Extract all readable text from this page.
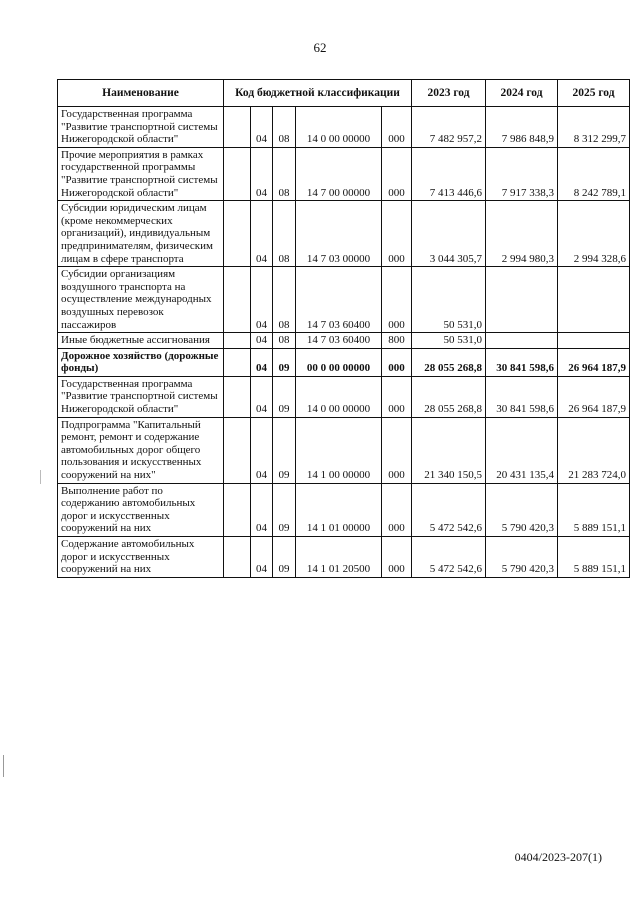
62
Наименование	Код бюджетной классификации					2023 год	2024 год	2025 год
Государственная программа "Развитие транспортной системы Нижегородской области"		04	08	14 0 00 00000	000	7 482 957,2	7 986 848,9	8 312 299,7
Прочие мероприятия в рамках государственной программы "Развитие транспортной системы Нижегородской области"		04	08	14 7 00 00000	000	7 413 446,6	7 917 338,3	8 242 789,1
Субсидии юридическим лицам (кроме некоммерческих организаций), индивидуальным предпринимателям, физическим лицам в сфере транспорта		04	08	14 7 03 00000	000	3 044 305,7	2 994 980,3	2 994 328,6
Субсидии организациям воздушного транспорта на осуществление международных воздушных перевозок пассажиров		04	08	14 7 03 60400	000	50 531,0		
Иные бюджетные ассигнования		04	08	14 7 03 60400	800	50 531,0		
Дорожное хозяйство (дорожные фонды)		04	09	00 0 00 00000	000	28 055 268,8	30 841 598,6	26 964 187,9
Государственная программа "Развитие транспортной системы Нижегородской области"		04	09	14 0 00 00000	000	28 055 268,8	30 841 598,6	26 964 187,9
Подпрограмма "Капитальный ремонт, ремонт и содержание автомобильных дорог общего пользования и искусственных сооружений на них"		04	09	14 1 00 00000	000	21 340 150,5	20 431 135,4	21 283 724,0
Выполнение работ по содержанию автомобильных дорог и искусственных сооружений на них		04	09	14 1 01 00000	000	5 472 542,6	5 790 420,3	5 889 151,1
Содержание автомобильных дорог и искусственных сооружений на них		04	09	14 1 01 20500	000	5 472 542,6	5 790 420,3	5 889 151,1
0404/2023-207(1)
